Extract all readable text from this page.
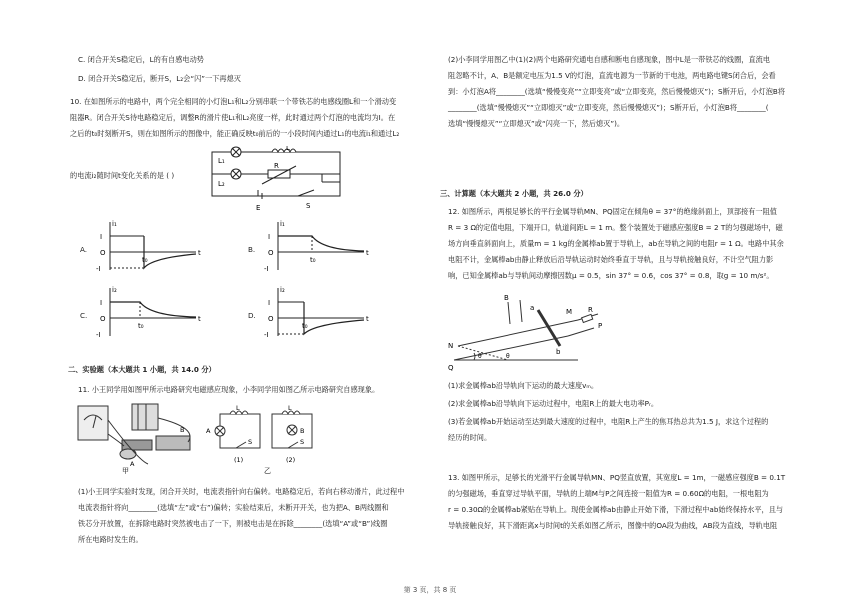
C. 闭合开关S稳定后，L的有自感电动势

D. 闭合开关S稳定后，断开S，L₂会“闪”一下再熄灭

10. 在如图所示的电路中，两个完全相同的小灯泡L₁和L₂分别串联一个带铁芯的电感线圈L和一个滑动变

阻器R。闭合开关S待电路稳定后，调整R的滑片使L₁和L₂亮度一样，此时通过两个灯泡的电流均为I。在

之后的t₀时刻断开S，则在如图所示的图像中，能正确反映t₀前后的一小段时间内通过L₁的电流i₁和通过L₂

的电流i₂随时间t变化关系的是 ( )

L₁
L₂
L
R
E	S
A.
i₁
I
O
-I
t₀
t	B.
i₁
I
O
-I
t₀
t
C.
i₂
I
O
-I
t₀
t	D.
i₂
I
O
-I
t₀
t

二、实验题（本大题共 1 小题，共 14.0 分）

11. 小王同学用如图甲所示电路研究电磁感应现象，小李同学用如图乙所示电路研究自感现象。

A
B
甲
L
A
S
(1)
L
B
S
(2)
乙

(1)小王同学实验时发现，闭合开关时，电流表指针向右偏转。电路稳定后，若向右移动滑片，此过程中

电流表指针将向________(选填“左”或“右”)偏转；实验结束后，未断开开关，也为把A、B两线圈和

铁芯分开放置，在拆除电路时突然被电击了一下，则被电击是在拆除________(选填“A”或“B”)线圈

所在电路时发生的。

(2)小李同学用图乙中(1)(2)两个电路研究通电自感和断电自感现象，图中L是一带铁芯的线圈，直流电

阻忽略不计，A、B是额定电压为1.5 V的灯泡，直流电源为一节新的干电池，两电路电键S闭合后，会看

到：小灯泡A将________(选填“慢慢变亮”“立即变亮”或“立即变亮，然后慢慢熄灭”)；S断开后，小灯泡B将

________(选填“慢慢熄灭”“立即熄灭”或“立即变亮，然后慢慢熄灭”)；S断开后，小灯泡B将________(

选填“慢慢熄灭”“立即熄灭”或“闪亮一下，然后熄灭”)。

三、计算题（本大题共 2 小题，共 26.0 分）

12. 如图所示，两根足够长的平行金属导轨MN、PQ固定在倾角θ = 37°的绝缘斜面上，顶部接有一阻值

R = 3 Ω的定值电阻，下端开口，轨道间距L = 1 m。整个装置处于磁感应强度B = 2 T的匀强磁场中，磁

场方向垂直斜面向上，质量m = 1 kg的金属棒ab置于导轨上，ab在导轨之间的电阻r = 1 Ω。电路中其余

电阻不计，金属棒ab由静止释放后沿导轨运动时始终垂直于导轨，且与导轨接触良好，不计空气阻力影

响，已知金属棒ab与导轨间动摩擦因数μ = 0.5，sin 37° = 0.6，cos 37° = 0.8，取g = 10 m/s²。

B
a	M R
P
b
N
Q
θ	θ

(1)求金属棒ab沿导轨向下运动的最大速度vₘ。

(2)求金属棒ab沿导轨向下运动过程中，电阻R上的最大电功率Pᵣ。

(3)若金属棒ab开始运动至达到最大速度的过程中，电阻R上产生的焦耳热总共为1.5 J，求这个过程的

经历的时间。

13. 如图甲所示，足够长的光滑平行金属导轨MN、PQ竖直放置，其宽度L = 1m，一磁感应强度B = 0.1T

的匀强磁场，垂直穿过导轨平面，导轨的上端M与P之间连接一阻值为R = 0.60Ω的电阻，一根电阻为

r = 0.30Ω的金属棒ab紧贴在导轨上。现使金属棒ab由静止开始下滑，下滑过程中ab始终保持水平，且与

导轨接触良好，其下滑距离x与时间t的关系如图乙所示，图像中的OA段为曲线，AB段为直线，导轨电阻

第 3 页，共 8 页
